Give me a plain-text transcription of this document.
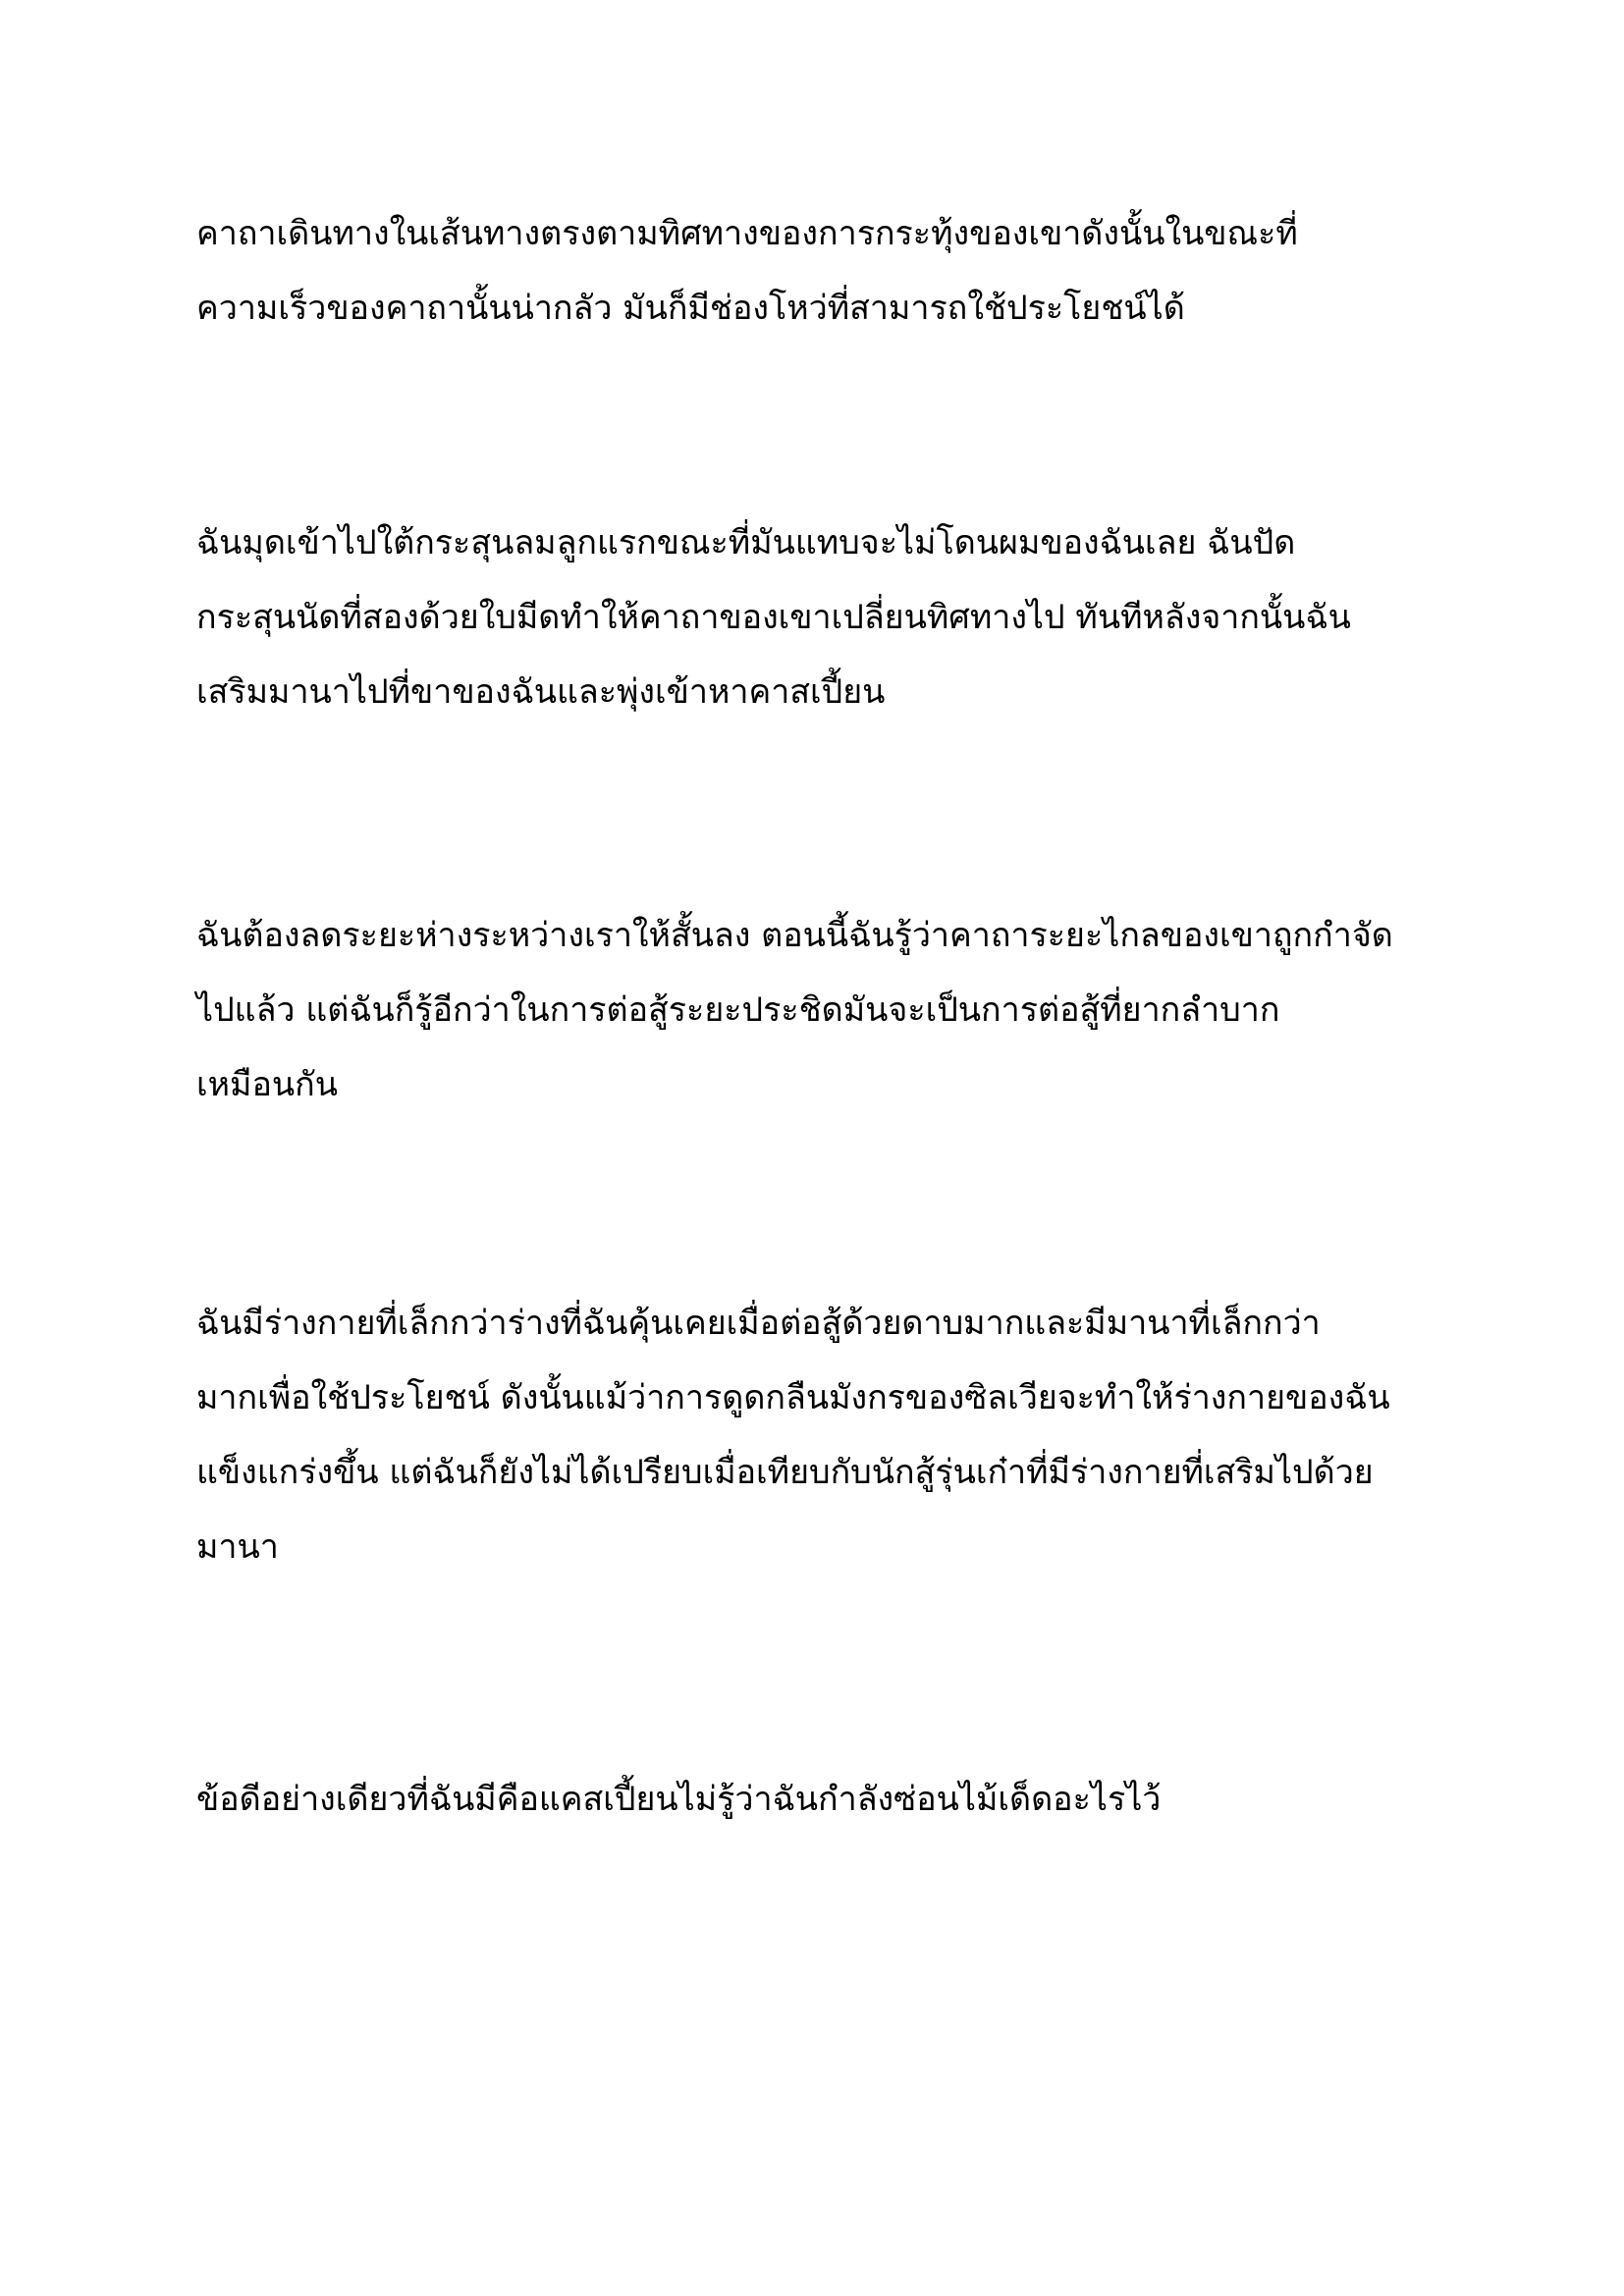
คาถาเดินทางในเส้นทางตรงตามทิศทางของการกระทุ้งของเขาดังนั้นในขณะที่
ความเร็วของคาถานั้นน่ากลัว มันก็มีช่องโหว่ที่สามารถใช้ประโยชน์ได้

ฉันมุดเข้าไปใต้กระสุนลมลูกแรกขณะที่มันแทบจะไม่โดนผมของฉันเลย ฉันปัด
กระสุนนัดที่สองด้วยใบมีดทำให้คาถาของเขาเปลี่ยนทิศทางไป ทันทีหลังจากนั้นฉัน
เสริมมานาไปที่ขาของฉันและพุ่งเข้าหาคาสเปี้ยน

ฉันต้องลดระยะห่างระหว่างเราให้สั้นลง ตอนนี้ฉันรู้ว่าคาถาระยะไกลของเขาถูกกำจัด
ไปแล้ว แต่ฉันก็รู้อีกว่าในการต่อสู้ระยะประชิดมันจะเป็นการต่อสู้ที่ยากลำบาก
เหมือนกัน

ฉันมีร่างกายที่เล็กกว่าร่างที่ฉันคุ้นเคยเมื่อต่อสู้ด้วยดาบมากและมีมานาที่เล็กกว่า
มากเพื่อใช้ประโยชน์ ดังนั้นแม้ว่าการดูดกลืนมังกรของซิลเวียจะทำให้ร่างกายของฉัน
แข็งแกร่งขึ้น แต่ฉันก็ยังไม่ได้เปรียบเมื่อเทียบกับนักสู้รุ่นเก๋าที่มีร่างกายที่เสริมไปด้วย
มานา

ข้อดีอย่างเดียวที่ฉันมีคือแคสเปี้ยนไม่รู้ว่าฉันกำลังซ่อนไม้เด็ดอะไรไว้
